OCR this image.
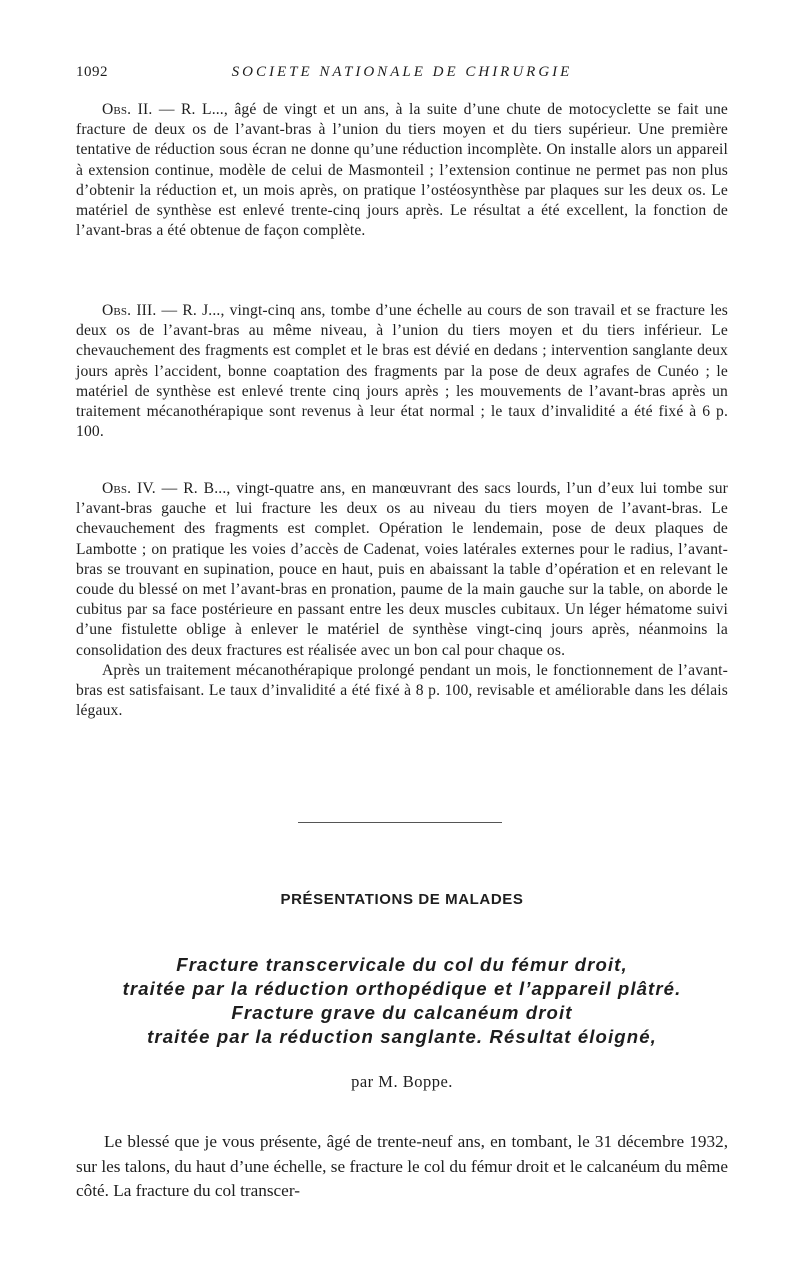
1092	SOCIETE NATIONALE DE CHIRURGIE

Obs. II. — R. L..., âgé de vingt et un ans, à la suite d’une chute de motocyclette se fait une fracture de deux os de l’avant-bras à l’union du tiers moyen et du tiers supérieur. Une première tentative de réduction sous écran ne donne qu’une réduction incomplète. On installe alors un appareil à extension continue, modèle de celui de Masmonteil ; l’extension continue ne permet pas non plus d’obtenir la réduction et, un mois après, on pratique l’ostéosynthèse par plaques sur les deux os. Le matériel de synthèse est enlevé trente-cinq jours après. Le résultat a été excellent, la fonction de l’avant-bras a été obtenue de façon complète.

Obs. III. — R. J..., vingt-cinq ans, tombe d’une échelle au cours de son travail et se fracture les deux os de l’avant-bras au même niveau, à l’union du tiers moyen et du tiers inférieur. Le chevauchement des fragments est complet et le bras est dévié en dedans ; intervention sanglante deux jours après l’accident, bonne coaptation des fragments par la pose de deux agrafes de Cunéo ; le matériel de synthèse est enlevé trente cinq jours après ; les mouvements de l’avant-bras après un traitement mécanothérapique sont revenus à leur état normal ; le taux d’invalidité a été fixé à 6 p. 100.

Obs. IV. — R. B..., vingt-quatre ans, en manœuvrant des sacs lourds, l’un d’eux lui tombe sur l’avant-bras gauche et lui fracture les deux os au niveau du tiers moyen de l’avant-bras. Le chevauchement des fragments est complet. Opération le lendemain, pose de deux plaques de Lambotte ; on pratique les voies d’accès de Cadenat, voies latérales externes pour le radius, l’avant-bras se trouvant en supination, pouce en haut, puis en abaissant la table d’opération et en relevant le coude du blessé on met l’avant-bras en pronation, paume de la main gauche sur la table, on aborde le cubitus par sa face postérieure en passant entre les deux muscles cubitaux. Un léger hématome suivi d’une fistulette oblige à enlever le matériel de synthèse vingt-cinq jours après, néanmoins la consolidation des deux fractures est réalisée avec un bon cal pour chaque os.

Après un traitement mécanothérapique prolongé pendant un mois, le fonctionnement de l’avant-bras est satisfaisant. Le taux d’invalidité a été fixé à 8 p. 100, revisable et améliorable dans les délais légaux.

PRÉSENTATIONS DE MALADES
Fracture transcervicale du col du fémur droit,
traitée par la réduction orthopédique et l’appareil plâtré.
Fracture grave du calcanéum droit
traitée par la réduction sanglante. Résultat éloigné,
par M. Boppe.

Le blessé que je vous présente, âgé de trente-neuf ans, en tombant, le 31 décembre 1932, sur les talons, du haut d’une échelle, se fracture le col du fémur droit et le calcanéum du même côté. La fracture du col transcer-
